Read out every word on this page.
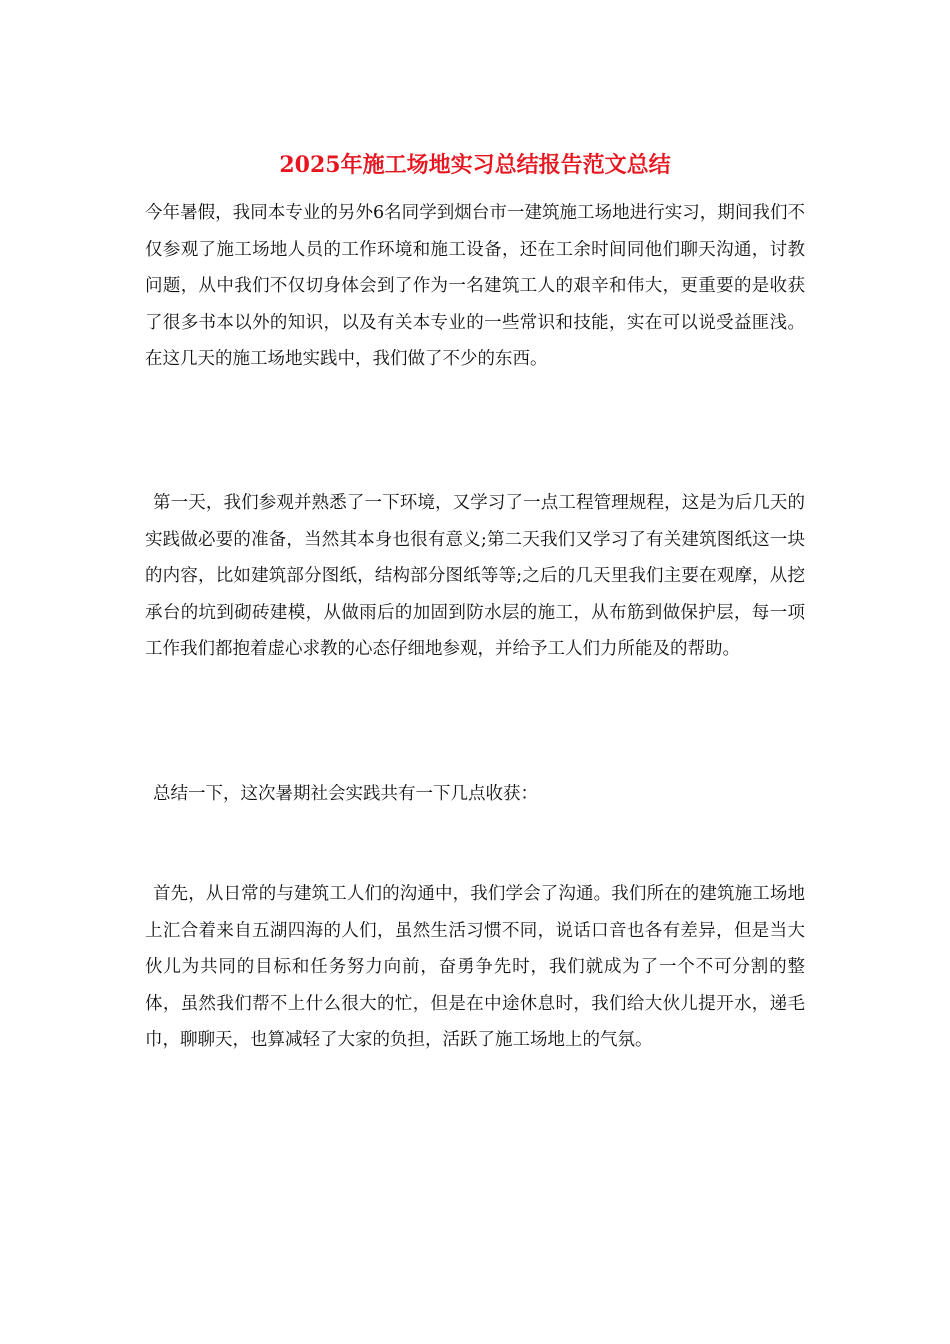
2025年施工场地实习总结报告范文总结

今年暑假，我同本专业的另外6名同学到烟台市一建筑施工场地进行实习，期间我们不仅参观了施工场地人员的工作环境和施工设备，还在工余时间同他们聊天沟通，讨教问题，从中我们不仅切身体会到了作为一名建筑工人的艰辛和伟大，更重要的是收获了很多书本以外的知识，以及有关本专业的一些常识和技能，实在可以说受益匪浅。在这几天的施工场地实践中，我们做了不少的东西。

第一天，我们参观并熟悉了一下环境，又学习了一点工程管理规程，这是为后几天的实践做必要的准备，当然其本身也很有意义;第二天我们又学习了有关建筑图纸这一块的内容，比如建筑部分图纸，结构部分图纸等等;之后的几天里我们主要在观摩，从挖承台的坑到砌砖建模，从做雨后的加固到防水层的施工，从布筋到做保护层，每一项工作我们都抱着虚心求教的心态仔细地参观，并给予工人们力所能及的帮助。

总结一下，这次暑期社会实践共有一下几点收获：

首先，从日常的与建筑工人们的沟通中，我们学会了沟通。我们所在的建筑施工场地上汇合着来自五湖四海的人们，虽然生活习惯不同，说话口音也各有差异，但是当大伙儿为共同的目标和任务努力向前，奋勇争先时，我们就成为了一个不可分割的整体，虽然我们帮不上什么很大的忙，但是在中途休息时，我们给大伙儿提开水，递毛巾，聊聊天，也算减轻了大家的负担，活跃了施工场地上的气氛。
